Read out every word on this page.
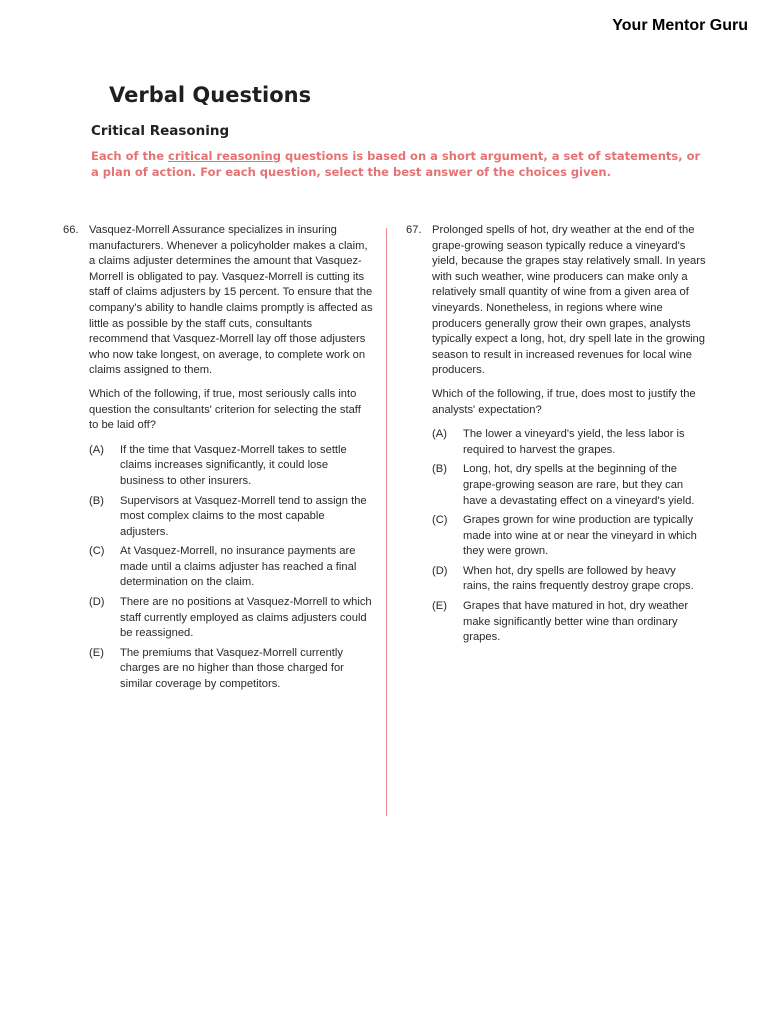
Your Mentor Guru
Verbal Questions
Critical Reasoning

Each of the critical reasoning questions is based on a short argument, a set of statements, or a plan of action. For each question, select the best answer of the choices given.

66. Vasquez-Morrell Assurance specializes in insuring manufacturers. Whenever a policyholder makes a claim, a claims adjuster determines the amount that Vasquez-Morrell is obligated to pay. Vasquez-Morrell is cutting its staff of claims adjusters by 15 percent. To ensure that the company's ability to handle claims promptly is affected as little as possible by the staff cuts, consultants recommend that Vasquez-Morrell lay off those adjusters who now take longest, on average, to complete work on claims assigned to them.

Which of the following, if true, most seriously calls into question the consultants' criterion for selecting the staff to be laid off?

(A) If the time that Vasquez-Morrell takes to settle claims increases significantly, it could lose business to other insurers.
(B) Supervisors at Vasquez-Morrell tend to assign the most complex claims to the most capable adjusters.
(C) At Vasquez-Morrell, no insurance payments are made until a claims adjuster has reached a final determination on the claim.
(D) There are no positions at Vasquez-Morrell to which staff currently employed as claims adjusters could be reassigned.
(E) The premiums that Vasquez-Morrell currently charges are no higher than those charged for similar coverage by competitors.
67. Prolonged spells of hot, dry weather at the end of the grape-growing season typically reduce a vineyard's yield, because the grapes stay relatively small. In years with such weather, wine producers can make only a relatively small quantity of wine from a given area of vineyards. Nonetheless, in regions where wine producers generally grow their own grapes, analysts typically expect a long, hot, dry spell late in the growing season to result in increased revenues for local wine producers.

Which of the following, if true, does most to justify the analysts' expectation?

(A) The lower a vineyard's yield, the less labor is required to harvest the grapes.
(B) Long, hot, dry spells at the beginning of the grape-growing season are rare, but they can have a devastating effect on a vineyard's yield.
(C) Grapes grown for wine production are typically made into wine at or near the vineyard in which they were grown.
(D) When hot, dry spells are followed by heavy rains, the rains frequently destroy grape crops.
(E) Grapes that have matured in hot, dry weather make significantly better wine than ordinary grapes.
